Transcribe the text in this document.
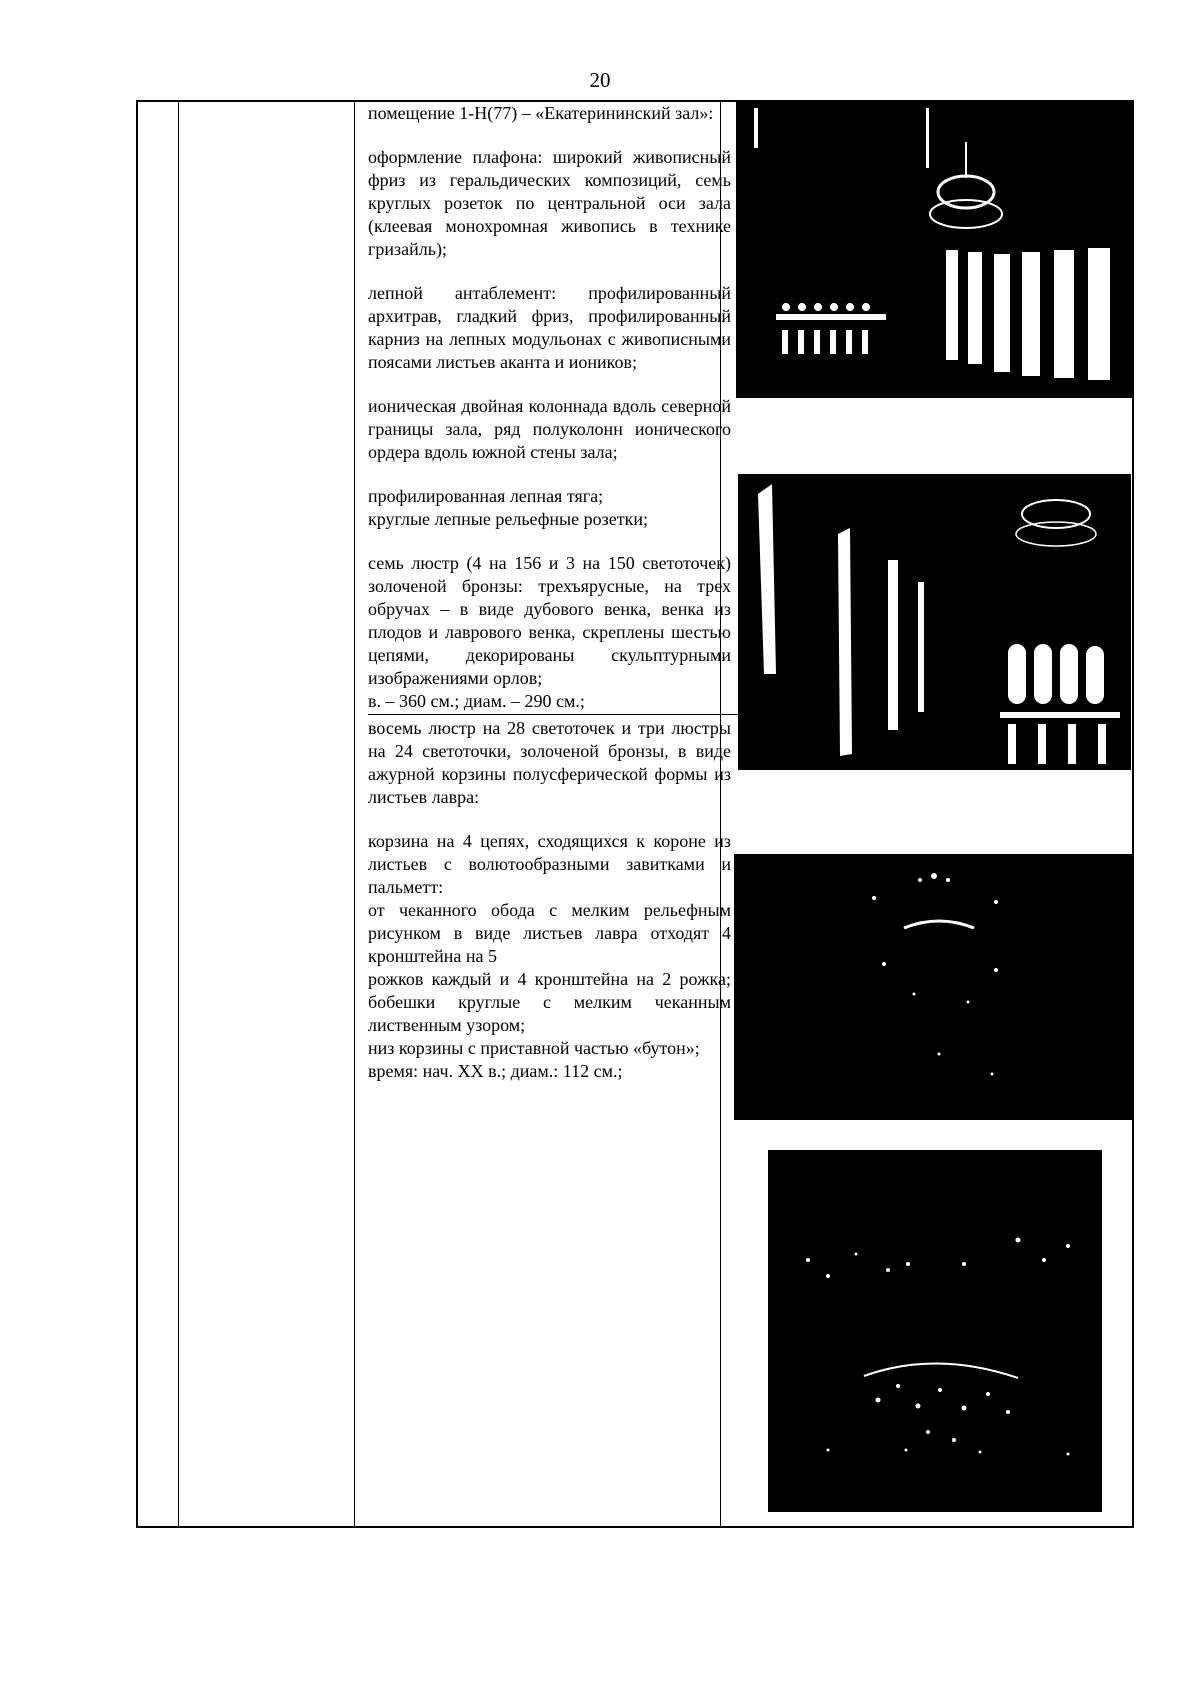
20

помещение 1-Н(77) – «Екатерининский зал»:

оформление плафона: широкий живописный фриз из геральдических композиций, семь круглых розеток по центральной оси зала (клеевая монохромная живопись в технике гризайль);

лепной антаблемент: профилированный архитрав, гладкий фриз, профилированный карниз на лепных модульонах с живописными поясами листьев аканта и иоников;

ионическая двойная колоннада вдоль северной границы зала, ряд полуколонн ионического ордера вдоль южной стены зала;

профилированная лепная тяга;

круглые лепные рельефные розетки;

семь люстр (4 на 156 и 3 на 150 светоточек) золоченой бронзы: трехъярусные, на трех обручах – в виде дубового венка, венка из плодов и лаврового венка, скреплены шестью цепями, декорированы скульптурными изображениями орлов;

в. – 360 см.; диам. – 290 см.;

восемь люстр на 28 светоточек и три люстры на 24 светоточки, золоченой бронзы, в виде ажурной корзины полусферической формы из листьев лавра:

корзина на 4 цепях, сходящихся к короне из листьев с волютообразными завитками и пальметт:

от чеканного обода с мелким рельефным рисунком в виде листьев лавра отходят 4 кронштейна на 5

рожков каждый и 4 кронштейна на 2 рожка; бобешки круглые с мелким чеканным лиственным узором;

низ корзины с приставной частью «бутон»;

время: нач. XX в.; диам.: 112 см.;
